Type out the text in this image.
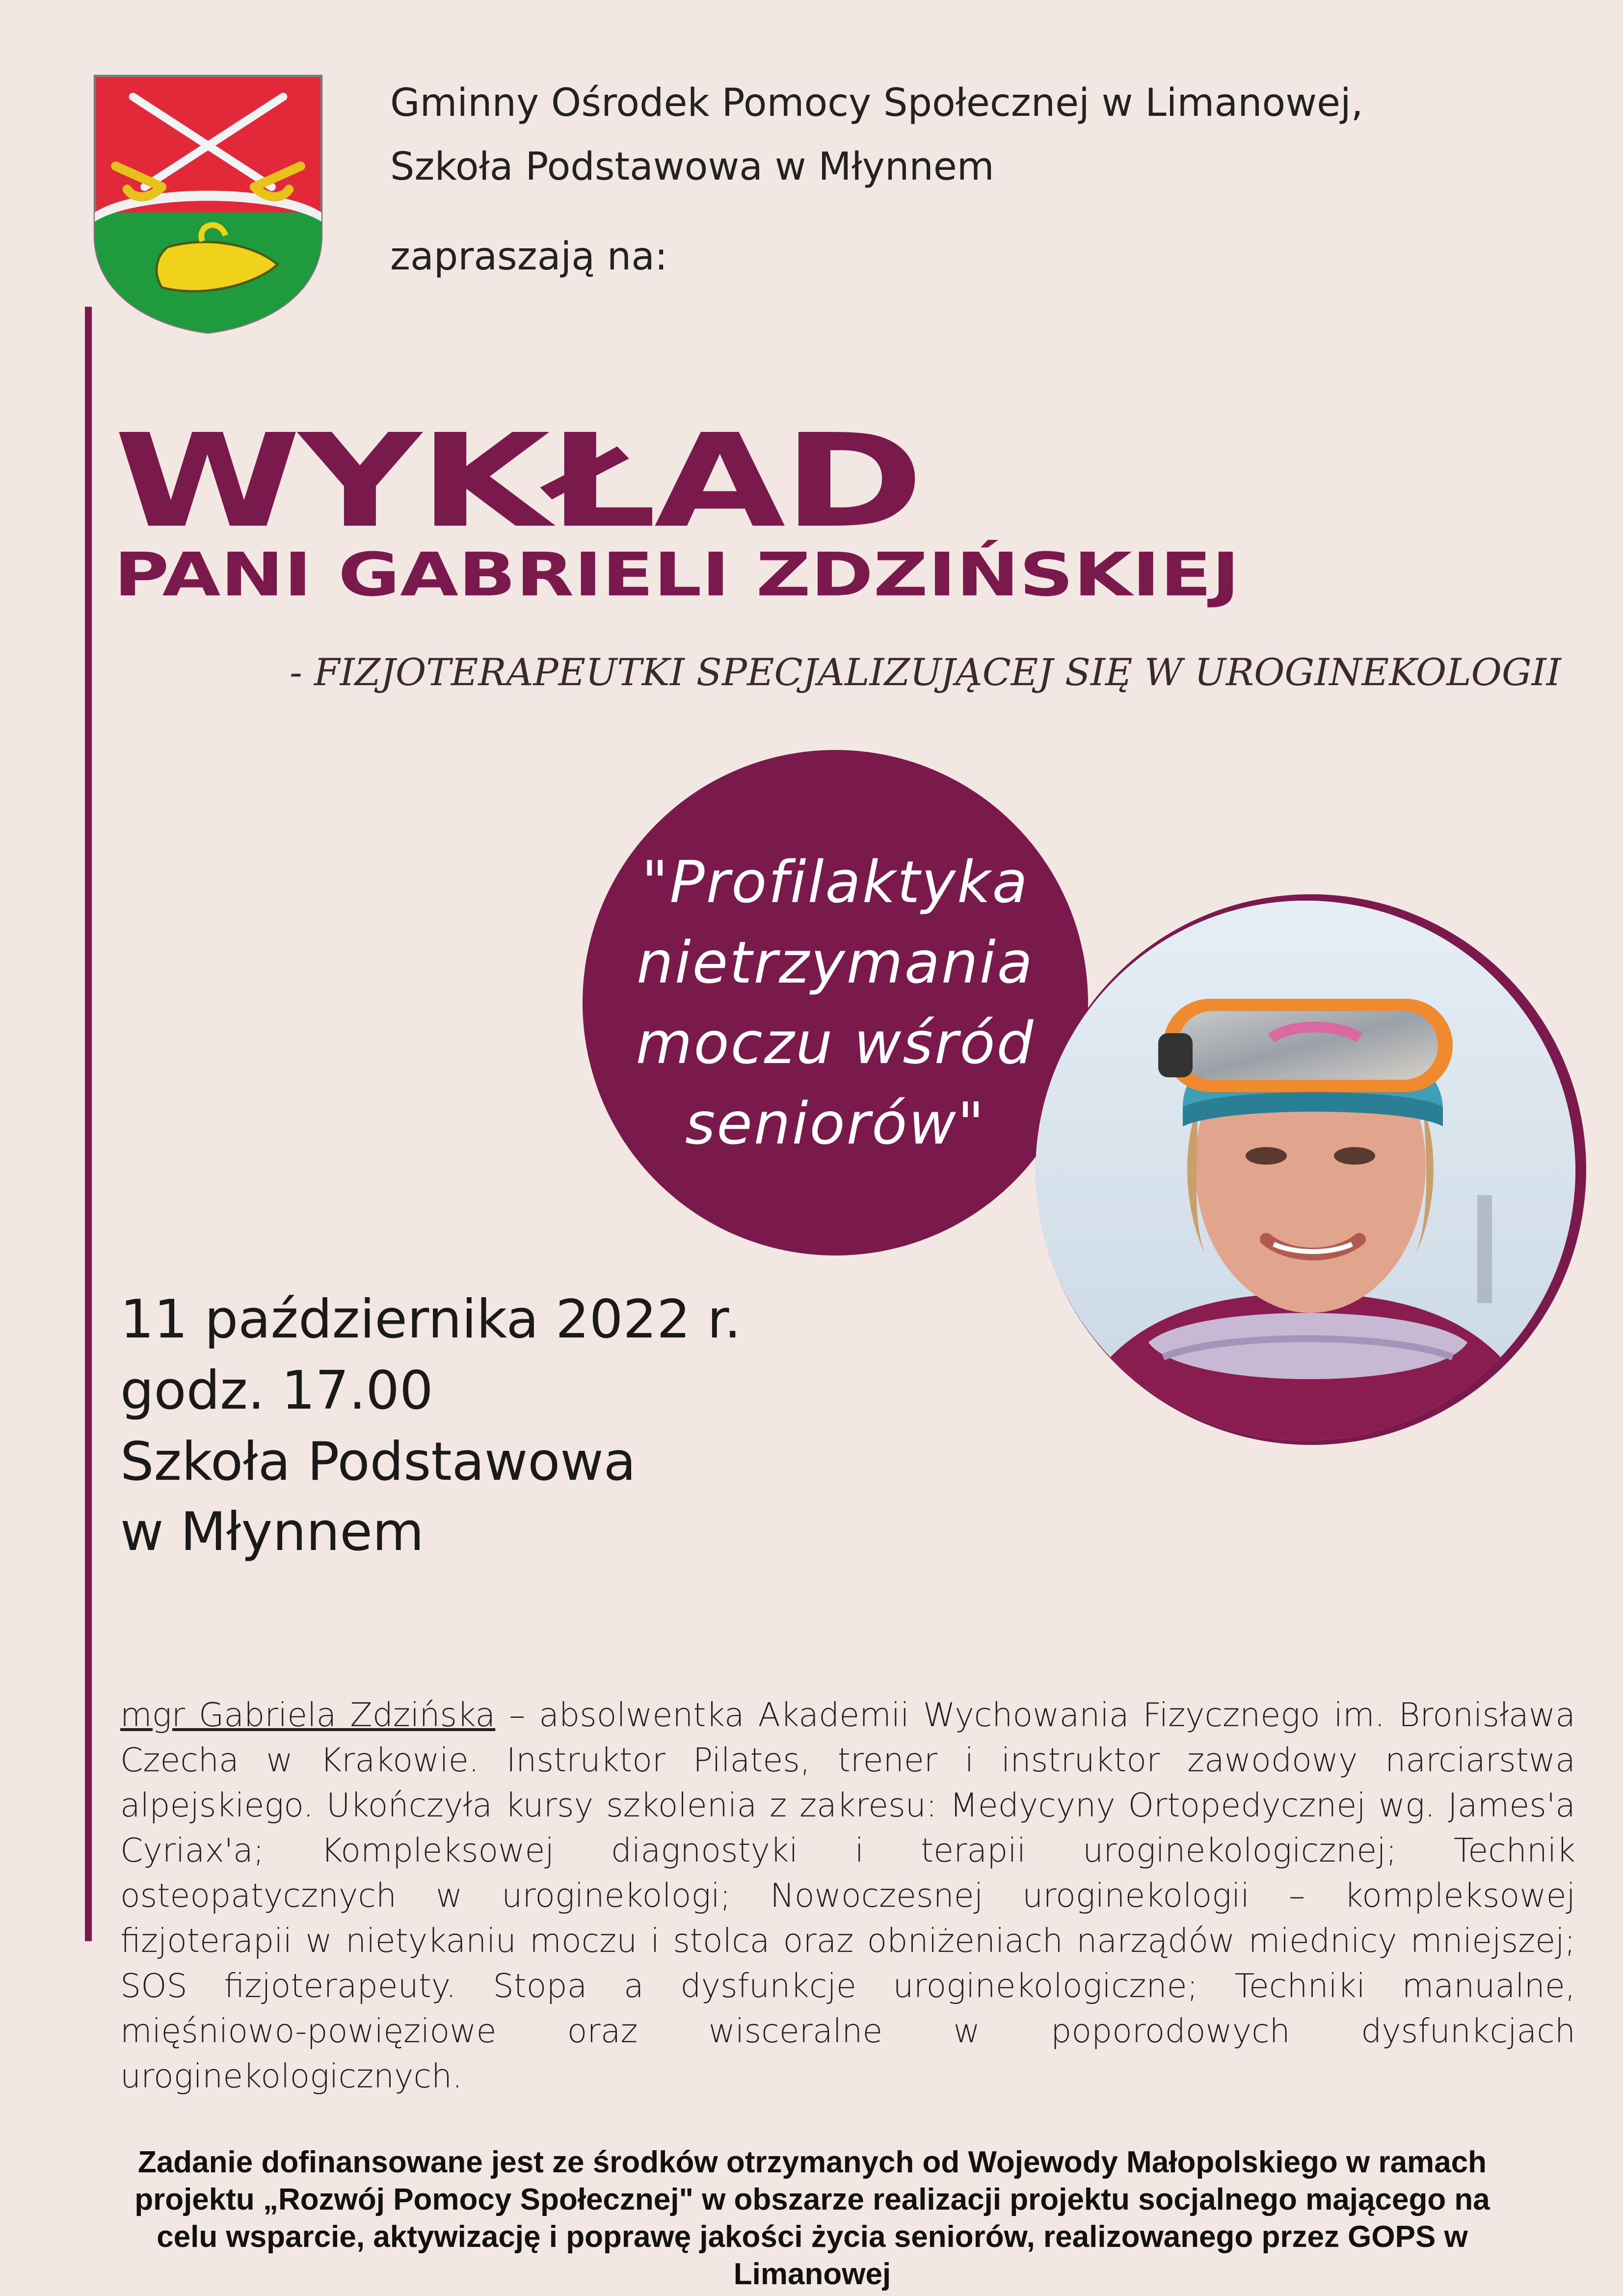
Gminny Ośrodek Pomocy Społecznej w Limanowej,
Szkoła Podstawowa w Młynnem
zapraszają na:
WYKŁAD
PANI GABRIELI ZDZIŃSKIEJ
- FIZJOTERAPEUTKI SPECJALIZUJĄCEJ SIĘ W UROGINEKOLOGII
"Profilaktyka nietrzymania moczu wśród seniorów"
11 października 2022 r.
godz. 17.00
Szkoła Podstawowa
w Młynnem
mgr Gabriela Zdzińska – absolwentka Akademii Wychowania Fizycznego im. Bronisława Czecha w Krakowie. Instruktor Pilates, trener i instruktor zawodowy narciarstwa alpejskiego. Ukończyła kursy szkolenia z zakresu: Medycyny Ortopedycznej wg. James'a Cyriax'a; Kompleksowej diagnostyki i terapii uroginekologicznej; Technik osteopatycznych w uroginekologi; Nowoczesnej uroginekologii – kompleksowej fizjoterapii w nietykaniu moczu i stolca oraz obniżeniach narządów miednicy mniejszej; SOS fizjoterapeuty. Stopa a dysfunkcje uroginekologiczne; Techniki manualne, mięśniowo-powięziowe oraz wisceralne w poporodowych dysfunkcjach uroginekologicznych.
Zadanie dofinansowane jest ze środków otrzymanych od Wojewody Małopolskiego w ramach projektu „Rozwój Pomocy Społecznej" w obszarze realizacji projektu socjalnego mającego na celu wsparcie, aktywizację i poprawę jakości życia seniorów, realizowanego przez GOPS w Limanowej
